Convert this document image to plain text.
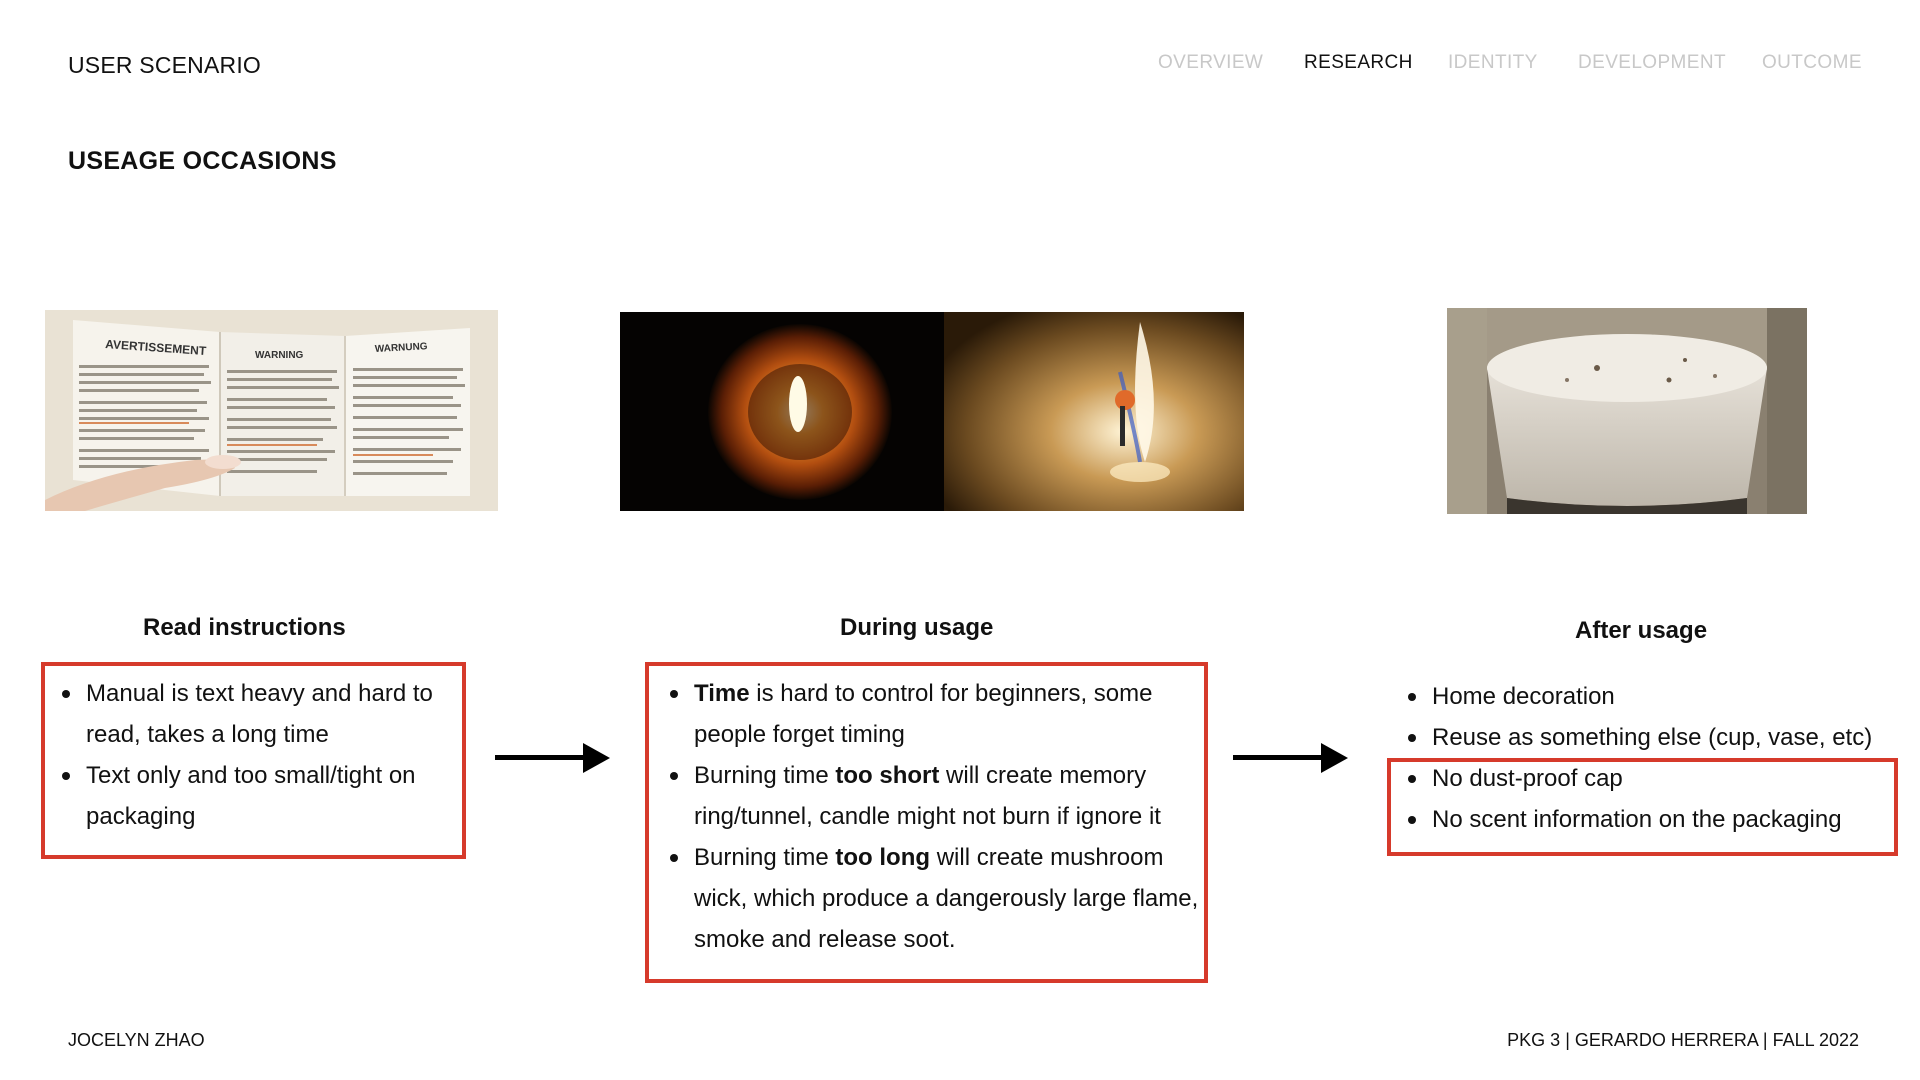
USER SCENARIO	OVERVIEW RESEARCH IDENTITY DEVELOPMENT OUTCOME
USEAGE OCCASIONS
AVERTISSEMENT	WARNING
WARNUNG
Read instructions	During usage	After usage
Manual is text heavy and hard to read, takes a long time
Text only and too small/tight on packaging
Time is hard to control for beginners, some people forget timing
Burning time too short will create memory ring/tunnel, candle might not burn if ignore it
Burning time too long will create mushroom wick, which produce a dangerously large flame, smoke and release soot.
Home decoration
Reuse as something else (cup, vase, etc)
No dust-proof cap
No scent information on the packaging
JOCELYN ZHAO	PKG 3 | GERARDO HERRERA | FALL 2022
